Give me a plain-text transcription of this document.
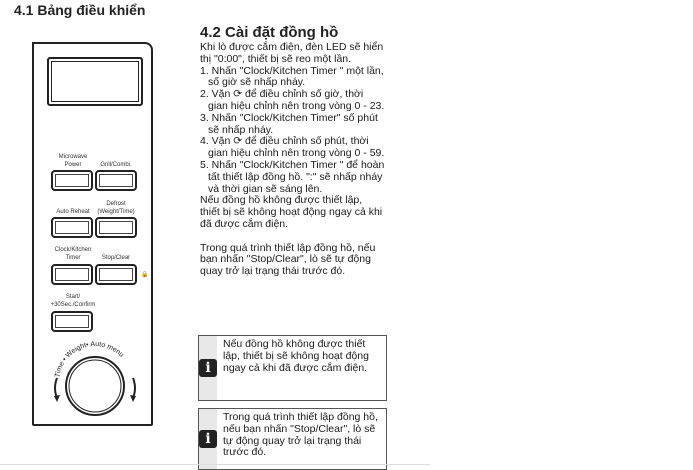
4.1 Bảng điều khiển
Microwave
Power	Grill/Combi.
Auto Reheat
Defrost
(Weight/Time)
Clock/Kitchen
Timer	Stop/Clear
🔒
Start/
+30Sec./Confirm
Time • Weight• Auto menu
4.2 Cài đặt đồng hồ
Khi lò được cắm điện, đèn LED sẽ hiển
thị "0:00", thiết bị sẽ reo một lần.
1. Nhấn "Clock/Kitchen Timer " một lần,
số giờ sẽ nhấp nháy.
2. Vặn ⟳ để điều chỉnh số giờ, thời
gian hiệu chỉnh nên trong vòng 0 - 23.
3. Nhấn "Clock/Kitchen Timer" số phút
sẽ nhấp nháy.
4. Vặn ⟳ để điều chỉnh số phút, thời
gian hiệu chỉnh nên trong vòng 0 - 59.
5. Nhấn "Clock/Kitchen Timer " để hoàn
tất thiết lập đồng hồ. ":" sẽ nhấp nháy
và thời gian sẽ sáng lên.
Nếu đồng hồ không được thiết lập,
thiết bị sẽ không hoạt động ngay cả khi
đã được cắm điện.
Trong quá trình thiết lập đồng hồ, nếu
bạn nhấn "Stop/Clear", lò sẽ tự động
quay trở lại trạng thái trước đó.
i
Nếu đồng hồ không được thiết lập, thiết bị sẽ không hoạt động ngay cả khi đã được cắm điện.
i
Trong quá trình thiết lập đồng hồ, nếu bạn nhấn "Stop/Clear", lò sẽ tự động quay trở lại trạng thái trước đó.
